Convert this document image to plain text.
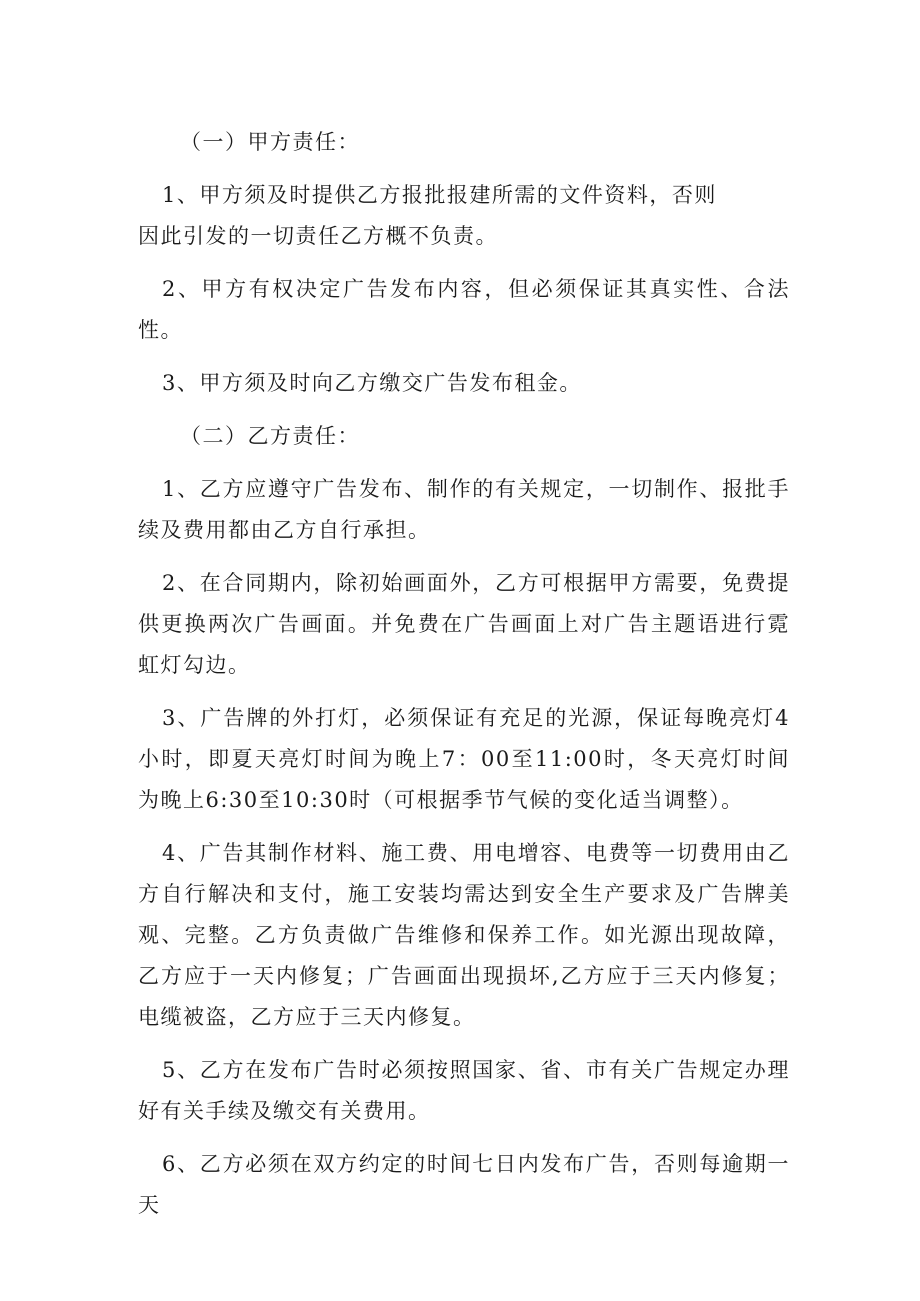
（一）甲方责任：

1、甲方须及时提供乙方报批报建所需的文件资料，否则
因此引发的一切责任乙方概不负责。

2、甲方有权决定广告发布内容，但必须保证其真实性、合法性。

3、甲方须及时向乙方缴交广告发布租金。

（二）乙方责任：

1、乙方应遵守广告发布、制作的有关规定，一切制作、报批手续及费用都由乙方自行承担。

2、在合同期内，除初始画面外，乙方可根据甲方需要，免费提供更换两次广告画面。并免费在广告画面上对广告主题语进行霓虹灯勾边。

3、广告牌的外打灯，必须保证有充足的光源，保证每晚亮灯4小时，即夏天亮灯时间为晚上7：00至11:00时，冬天亮灯时间为晚上6:30至10:30时（可根据季节气候的变化适当调整）。

4、广告其制作材料、施工费、用电增容、电费等一切费用由乙方自行解决和支付，施工安装均需达到安全生产要求及广告牌美观、完整。乙方负责做广告维修和保养工作。如光源出现故障，乙方应于一天内修复；广告画面出现损坏,乙方应于三天内修复；电缆被盗，乙方应于三天内修复。

5、乙方在发布广告时必须按照国家、省、市有关广告规定办理好有关手续及缴交有关费用。

6、乙方必须在双方约定的时间七日内发布广告，否则每逾期一天
